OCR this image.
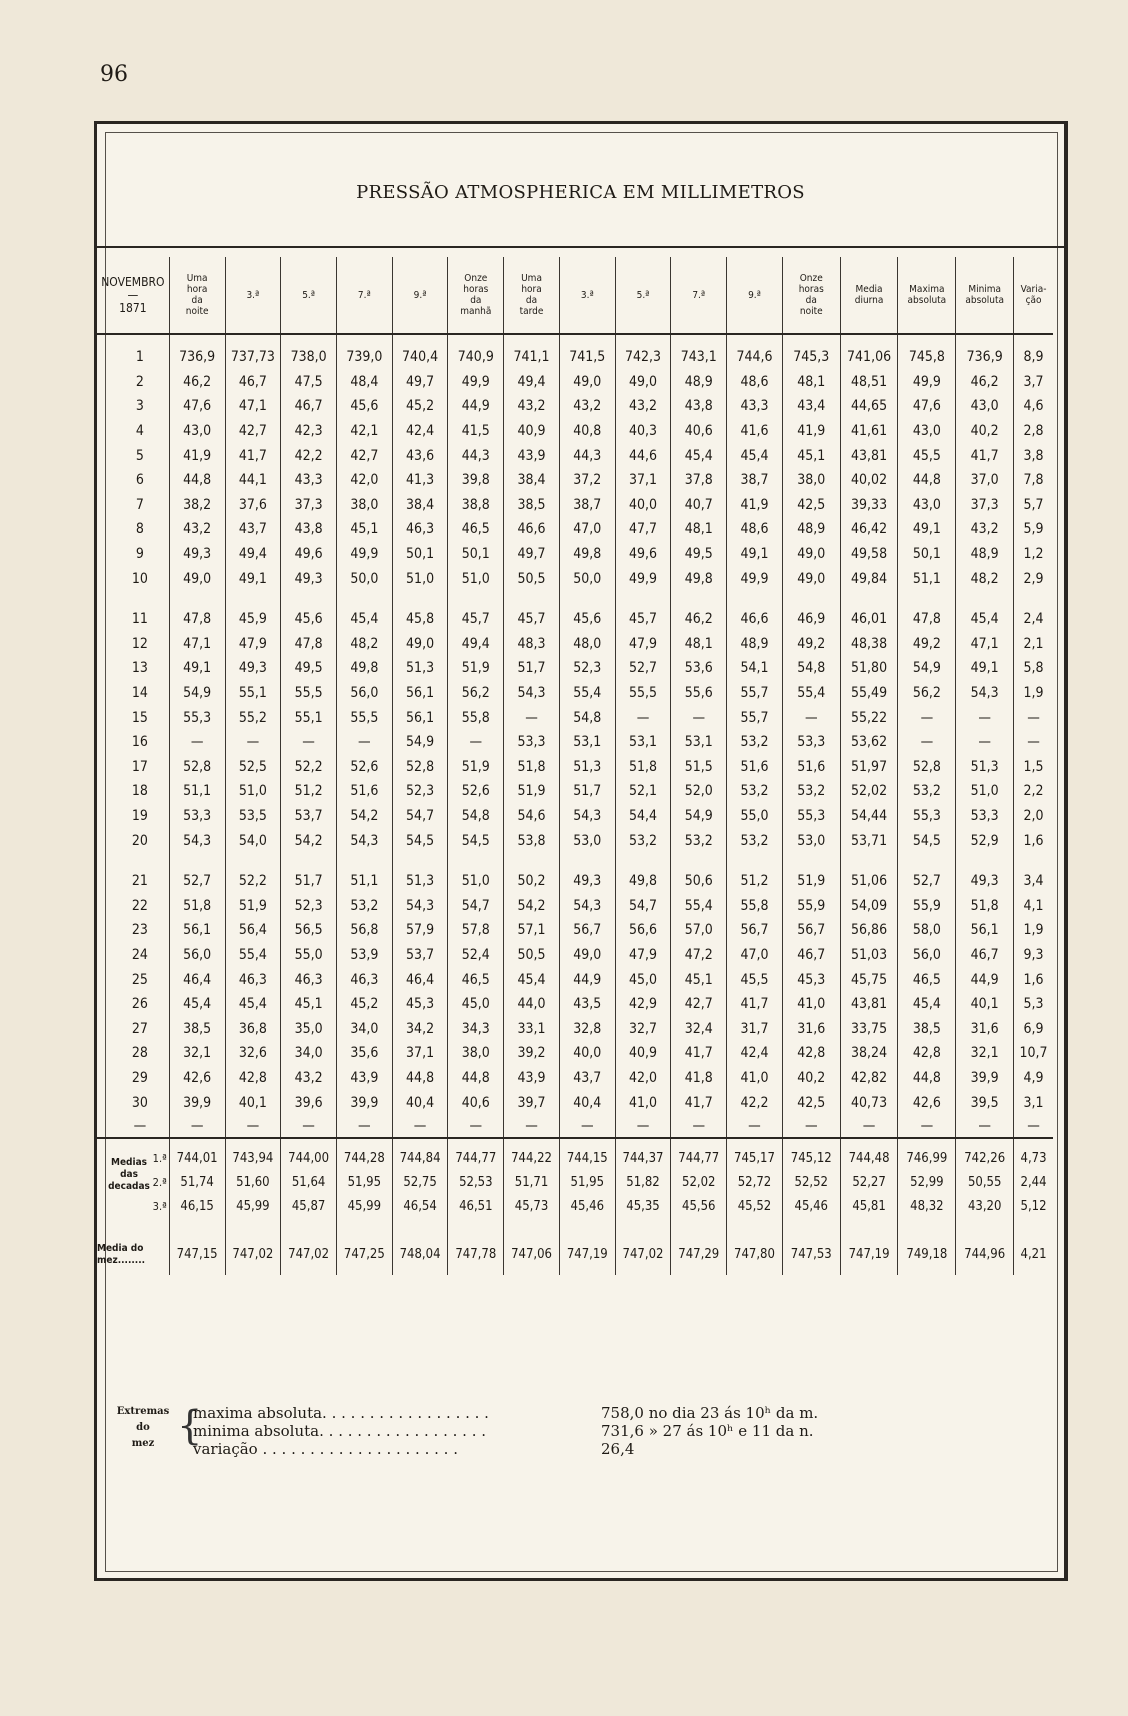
96
PRESSÃO ATMOSPHERICA EM MILLIMETROS
NOVEMBRO
—
1871	Uma
hora
da
noite	3.ª	5.ª	7.ª	9.ª	Onze
horas
da
manhã	Uma
hora
da
tarde	3.ª	5.ª	7.ª	9.ª	Onze
horas
da
noite	Media
diurna	Maxima
absoluta	Minima
absoluta	Varia-
ção

1	736,9	737,73	738,0	739,0	740,4	740,9	741,1	741,5	742,3	743,1	744,6	745,3	741,06	745,8	736,9	8,9
2	46,2	46,7	47,5	48,4	49,7	49,9	49,4	49,0	49,0	48,9	48,6	48,1	48,51	49,9	46,2	3,7
3	47,6	47,1	46,7	45,6	45,2	44,9	43,2	43,2	43,2	43,8	43,3	43,4	44,65	47,6	43,0	4,6
4	43,0	42,7	42,3	42,1	42,4	41,5	40,9	40,8	40,3	40,6	41,6	41,9	41,61	43,0	40,2	2,8
5	41,9	41,7	42,2	42,7	43,6	44,3	43,9	44,3	44,6	45,4	45,4	45,1	43,81	45,5	41,7	3,8
6	44,8	44,1	43,3	42,0	41,3	39,8	38,4	37,2	37,1	37,8	38,7	38,0	40,02	44,8	37,0	7,8
7	38,2	37,6	37,3	38,0	38,4	38,8	38,5	38,7	40,0	40,7	41,9	42,5	39,33	43,0	37,3	5,7
8	43,2	43,7	43,8	45,1	46,3	46,5	46,6	47,0	47,7	48,1	48,6	48,9	46,42	49,1	43,2	5,9
9	49,3	49,4	49,6	49,9	50,1	50,1	49,7	49,8	49,6	49,5	49,1	49,0	49,58	50,1	48,9	1,2
10	49,0	49,1	49,3	50,0	51,0	51,0	50,5	50,0	49,9	49,8	49,9	49,0	49,84	51,1	48,2	2,9

11	47,8	45,9	45,6	45,4	45,8	45,7	45,7	45,6	45,7	46,2	46,6	46,9	46,01	47,8	45,4	2,4
12	47,1	47,9	47,8	48,2	49,0	49,4	48,3	48,0	47,9	48,1	48,9	49,2	48,38	49,2	47,1	2,1
13	49,1	49,3	49,5	49,8	51,3	51,9	51,7	52,3	52,7	53,6	54,1	54,8	51,80	54,9	49,1	5,8
14	54,9	55,1	55,5	56,0	56,1	56,2	54,3	55,4	55,5	55,6	55,7	55,4	55,49	56,2	54,3	1,9
15	55,3	55,2	55,1	55,5	56,1	55,8	—	54,8	—	—	55,7	—	55,22	—	—	—
16	—	—	—	—	54,9	—	53,3	53,1	53,1	53,1	53,2	53,3	53,62	—	—	—
17	52,8	52,5	52,2	52,6	52,8	51,9	51,8	51,3	51,8	51,5	51,6	51,6	51,97	52,8	51,3	1,5
18	51,1	51,0	51,2	51,6	52,3	52,6	51,9	51,7	52,1	52,0	53,2	53,2	52,02	53,2	51,0	2,2
19	53,3	53,5	53,7	54,2	54,7	54,8	54,6	54,3	54,4	54,9	55,0	55,3	54,44	55,3	53,3	2,0
20	54,3	54,0	54,2	54,3	54,5	54,5	53,8	53,0	53,2	53,2	53,2	53,0	53,71	54,5	52,9	1,6

21	52,7	52,2	51,7	51,1	51,3	51,0	50,2	49,3	49,8	50,6	51,2	51,9	51,06	52,7	49,3	3,4
22	51,8	51,9	52,3	53,2	54,3	54,7	54,2	54,3	54,7	55,4	55,8	55,9	54,09	55,9	51,8	4,1
23	56,1	56,4	56,5	56,8	57,9	57,8	57,1	56,7	56,6	57,0	56,7	56,7	56,86	58,0	56,1	1,9
24	56,0	55,4	55,0	53,9	53,7	52,4	50,5	49,0	47,9	47,2	47,0	46,7	51,03	56,0	46,7	9,3
25	46,4	46,3	46,3	46,3	46,4	46,5	45,4	44,9	45,0	45,1	45,5	45,3	45,75	46,5	44,9	1,6
26	45,4	45,4	45,1	45,2	45,3	45,0	44,0	43,5	42,9	42,7	41,7	41,0	43,81	45,4	40,1	5,3
27	38,5	36,8	35,0	34,0	34,2	34,3	33,1	32,8	32,7	32,4	31,7	31,6	33,75	38,5	31,6	6,9
28	32,1	32,6	34,0	35,6	37,1	38,0	39,2	40,0	40,9	41,7	42,4	42,8	38,24	42,8	32,1	10,7
29	42,6	42,8	43,2	43,9	44,8	44,8	43,9	43,7	42,0	41,8	41,0	40,2	42,82	44,8	39,9	4,9
30	39,9	40,1	39,6	39,9	40,4	40,6	39,7	40,4	41,0	41,7	42,2	42,5	40,73	42,6	39,5	3,1
—	—	—	—	—	—	—	—	—	—	—	—	—	—	—	—	—

1.ª
Medias
das
decadas	744,01	743,94	744,00	744,28	744,84	744,77	744,22	744,15	744,37	744,77	745,17	745,12	744,48	746,99	742,26	4,73
2.ª	51,74	51,60	51,64	51,95	52,75	52,53	51,71	51,95	51,82	52,02	52,72	52,52	52,27	52,99	50,55	2,44
3.ª	46,15	45,99	45,87	45,99	46,54	46,51	45,73	45,46	45,35	45,56	45,52	45,46	45,81	48,32	43,20	5,12

Media do
mez........	747,15	747,02	747,02	747,25	748,04	747,78	747,06	747,19	747,02	747,29	747,80	747,53	747,19	749,18	744,96	4,21
Extremas
do
mez {
maxima absoluta. . . . . . . . . . . . . . . . . .	758,0 no dia 23 ás 10ʰ da m.
minima absoluta. . . . . . . . . . . . . . . . . .	731,6 » 27 ás 10ʰ e 11 da n.
variação . . . . . . . . . . . . . . . . . . . . .	26,4
